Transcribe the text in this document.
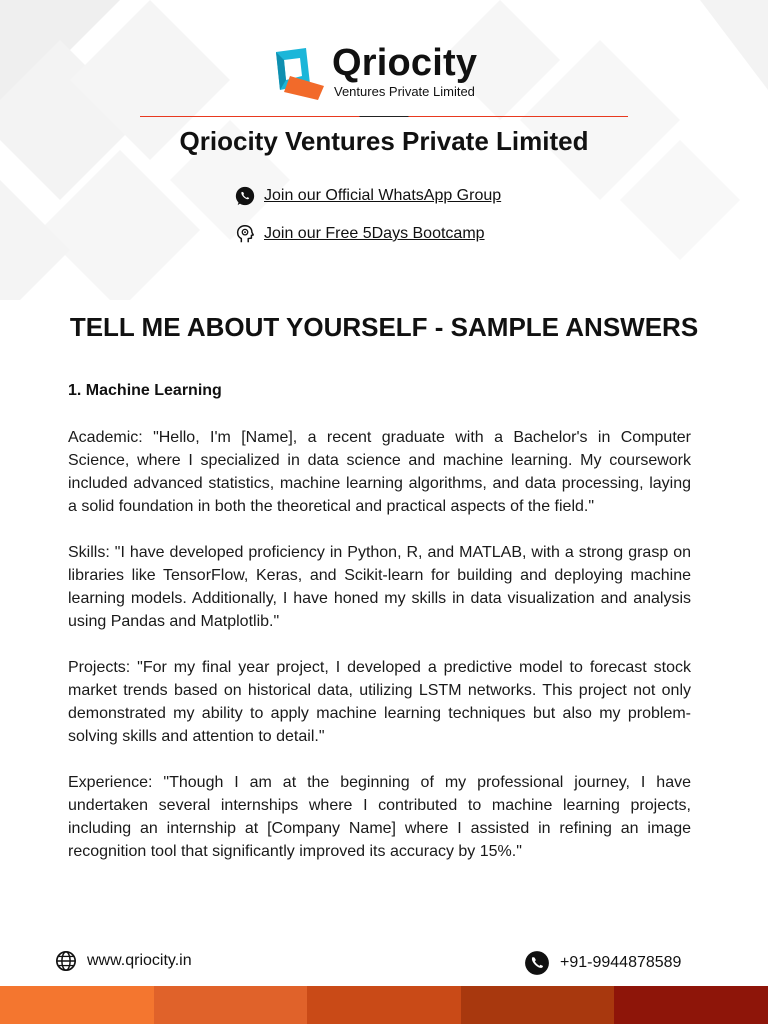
Qriocity
Ventures Private Limited
Qriocity Ventures Private Limited
Join our Official WhatsApp Group
Join our Free 5Days Bootcamp
TELL ME ABOUT YOURSELF - SAMPLE ANSWERS
1. Machine Learning

Academic: "Hello, I'm [Name], a recent graduate with a Bachelor's in Computer Science, where I specialized in data science and machine learning. My coursework included advanced statistics, machine learning algorithms, and data processing, laying a solid foundation in both the theoretical and practical aspects of the field."

Skills: "I have developed proficiency in Python, R, and MATLAB, with a strong grasp on libraries like TensorFlow, Keras, and Scikit-learn for building and deploying machine learning models. Additionally, I have honed my skills in data visualization and analysis using Pandas and Matplotlib."

Projects: "For my final year project, I developed a predictive model to forecast stock market trends based on historical data, utilizing LSTM networks. This project not only demonstrated my ability to apply machine learning techniques but also my problem-solving skills and attention to detail."

Experience: "Though I am at the beginning of my professional journey, I have undertaken several internships where I contributed to machine learning projects, including an internship at [Company Name] where I assisted in refining an image recognition tool that significantly improved its accuracy by 15%."

www.qriocity.in	+91-9944878589
